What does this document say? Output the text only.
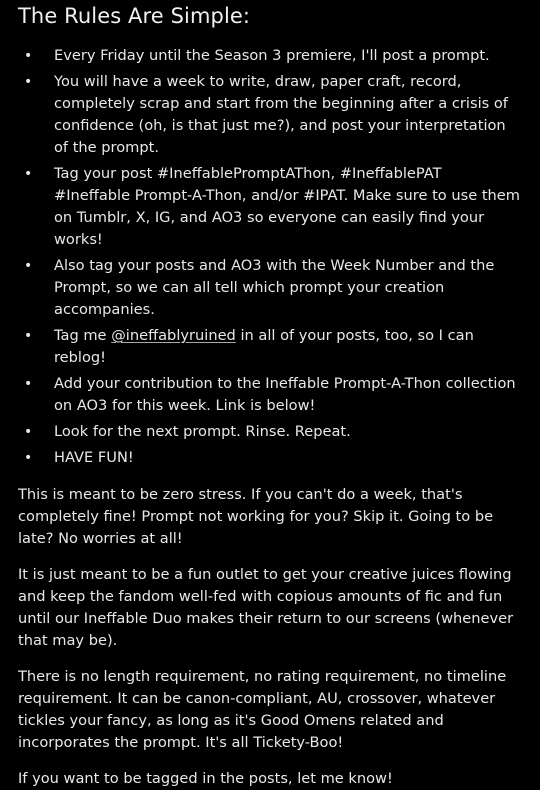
The Rules Are Simple:
• Every Friday until the Season 3 premiere, I'll post a prompt.
• You will have a week to write, draw, paper craft, record, completely scrap and start from the beginning after a crisis of confidence (oh, is that just me?), and post your interpretation of the prompt.
• Tag your post #IneffablePromptAThon, #IneffablePAT #Ineffable Prompt-A-Thon, and/or #IPAT. Make sure to use them on Tumblr, X, IG, and AO3 so everyone can easily find your works!
• Also tag your posts and AO3 with the Week Number and the Prompt, so we can all tell which prompt your creation accompanies.
• Tag me @ineffablyruined in all of your posts, too, so I can reblog!
• Add your contribution to the Ineffable Prompt-A-Thon collection on AO3 for this week. Link is below!
• Look for the next prompt. Rinse. Repeat.
• HAVE FUN!

This is meant to be zero stress. If you can't do a week, that's completely fine! Prompt not working for you? Skip it. Going to be late? No worries at all!

It is just meant to be a fun outlet to get your creative juices flowing and keep the fandom well-fed with copious amounts of fic and fun until our Ineffable Duo makes their return to our screens (whenever that may be).

There is no length requirement, no rating requirement, no timeline requirement. It can be canon-compliant, AU, crossover, whatever tickles your fancy, as long as it's Good Omens related and incorporates the prompt. It's all Tickety-Boo!

If you want to be tagged in the posts, let me know!
